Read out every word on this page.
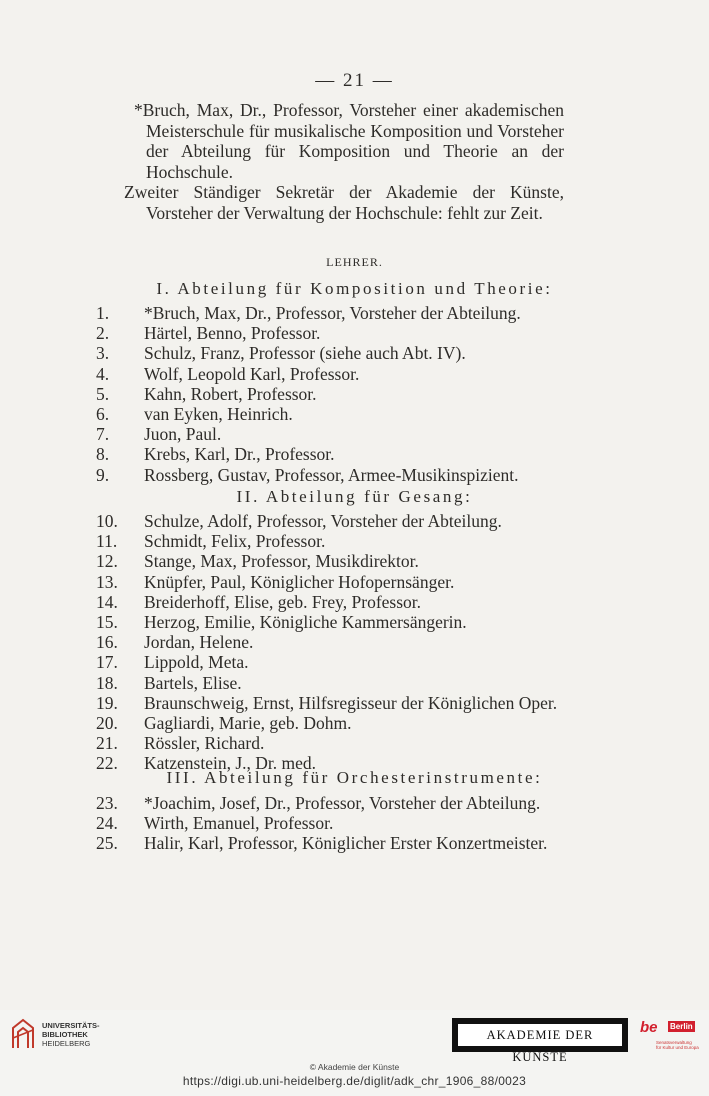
— 21 —

*Bruch, Max, Dr., Professor, Vorsteher einer akademischen Meisterschule für musikalische Komposition und Vorsteher der Abteilung für Komposition und Theorie an der Hochschule.

Zweiter Ständiger Sekretär der Akademie der Künste, Vorsteher der Verwaltung der Hochschule: fehlt zur Zeit.

LEHRER.
I. Abteilung für Komposition und Theorie:
1.	*Bruch, Max, Dr., Professor, Vorsteher der Abteilung.
2.	Härtel, Benno, Professor.
3.	Schulz, Franz, Professor (siehe auch Abt. IV).
4.	Wolf, Leopold Karl, Professor.
5.	Kahn, Robert, Professor.
6.	van Eyken, Heinrich.
7.	Juon, Paul.
8.	Krebs, Karl, Dr., Professor.
9.	Rossberg, Gustav, Professor, Armee-Musikinspizient.
II. Abteilung für Gesang:
10.	Schulze, Adolf, Professor, Vorsteher der Abteilung.
11.	Schmidt, Felix, Professor.
12.	Stange, Max, Professor, Musikdirektor.
13.	Knüpfer, Paul, Königlicher Hofopernsänger.
14.	Breiderhoff, Elise, geb. Frey, Professor.
15.	Herzog, Emilie, Königliche Kammersängerin.
16.	Jordan, Helene.
17.	Lippold, Meta.
18.	Bartels, Elise.
19.	Braunschweig, Ernst, Hilfsregisseur der Königlichen Oper.
20.	Gagliardi, Marie, geb. Dohm.
21.	Rössler, Richard.
22.	Katzenstein, J., Dr. med.
III. Abteilung für Orchesterinstrumente:
23.	*Joachim, Josef, Dr., Professor, Vorsteher der Abteilung.
24.	Wirth, Emanuel, Professor.
25.	Halir, Karl, Professor, Königlicher Erster Konzertmeister.
UNIVERSITÄTS-
BIBLIOTHEK
HEIDELBERG
AKADEMIE DER KÜNSTE
be Berlin
Senatsverwaltung
für Kultur und Europa
© Akademie der Künste
https://digi.ub.uni-heidelberg.de/diglit/adk_chr_1906_88/0023
